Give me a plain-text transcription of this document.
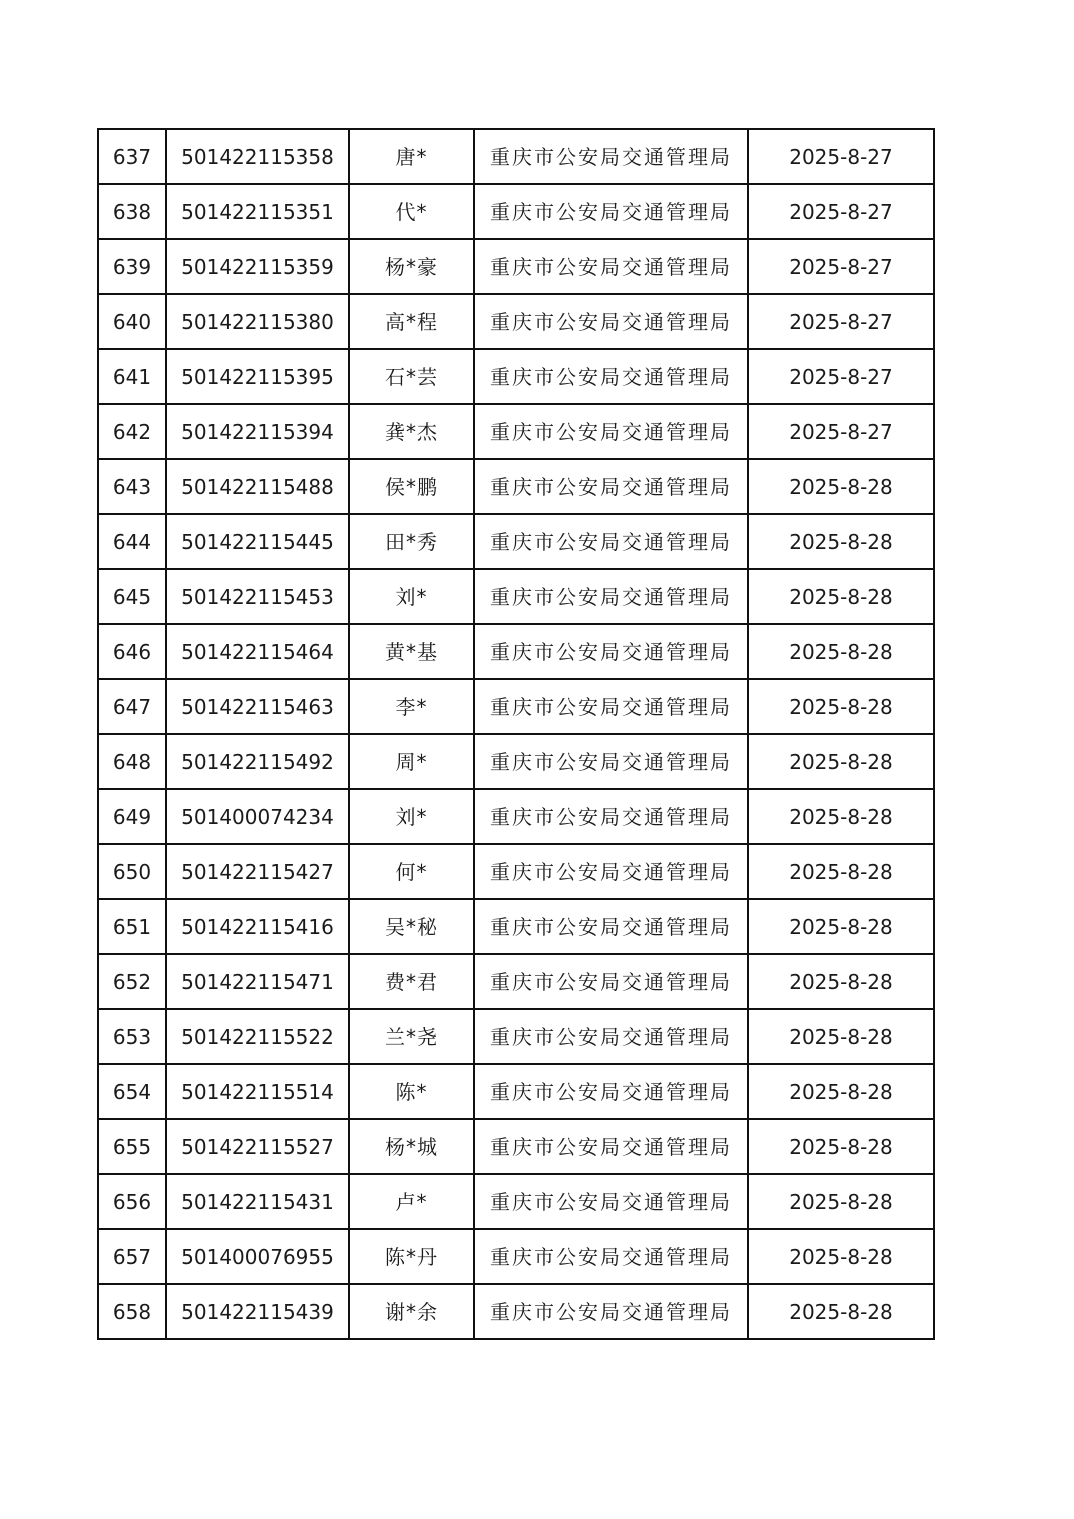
637	501422115358	唐*	重庆市公安局交通管理局	2025-8-27
638	501422115351	代*	重庆市公安局交通管理局	2025-8-27
639	501422115359	杨*豪	重庆市公安局交通管理局	2025-8-27
640	501422115380	高*程	重庆市公安局交通管理局	2025-8-27
641	501422115395	石*芸	重庆市公安局交通管理局	2025-8-27
642	501422115394	龚*杰	重庆市公安局交通管理局	2025-8-27
643	501422115488	侯*鹏	重庆市公安局交通管理局	2025-8-28
644	501422115445	田*秀	重庆市公安局交通管理局	2025-8-28
645	501422115453	刘*	重庆市公安局交通管理局	2025-8-28
646	501422115464	黄*基	重庆市公安局交通管理局	2025-8-28
647	501422115463	李*	重庆市公安局交通管理局	2025-8-28
648	501422115492	周*	重庆市公安局交通管理局	2025-8-28
649	501400074234	刘*	重庆市公安局交通管理局	2025-8-28
650	501422115427	何*	重庆市公安局交通管理局	2025-8-28
651	501422115416	吴*秘	重庆市公安局交通管理局	2025-8-28
652	501422115471	费*君	重庆市公安局交通管理局	2025-8-28
653	501422115522	兰*尧	重庆市公安局交通管理局	2025-8-28
654	501422115514	陈*	重庆市公安局交通管理局	2025-8-28
655	501422115527	杨*城	重庆市公安局交通管理局	2025-8-28
656	501422115431	卢*	重庆市公安局交通管理局	2025-8-28
657	501400076955	陈*丹	重庆市公安局交通管理局	2025-8-28
658	501422115439	谢*余	重庆市公安局交通管理局	2025-8-28
